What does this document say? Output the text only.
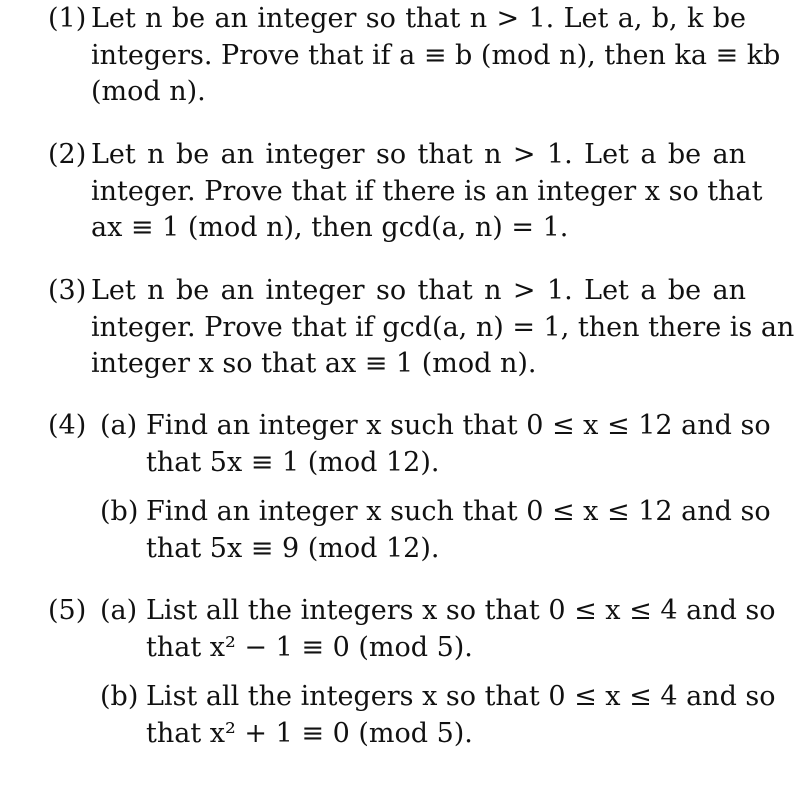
(1) Let n be an integer so that n > 1. Let a, b, k be
integers. Prove that if a ≡ b (mod n), then ka ≡ kb
(mod n).
(2) Let n be an integer so that n > 1. Let a be an
integer. Prove that if there is an integer x so that
ax ≡ 1 (mod n), then gcd(a, n) = 1.
(3) Let n be an integer so that n > 1. Let a be an
integer. Prove that if gcd(a, n) = 1, then there is an
integer x so that ax ≡ 1 (mod n).
(4) (a) Find an integer x such that 0 ≤ x ≤ 12 and so
that 5x ≡ 1 (mod 12).
(b) Find an integer x such that 0 ≤ x ≤ 12 and so
that 5x ≡ 9 (mod 12).
(5) (a) List all the integers x so that 0 ≤ x ≤ 4 and so
that x² − 1 ≡ 0 (mod 5).
(b) List all the integers x so that 0 ≤ x ≤ 4 and so
that x² + 1 ≡ 0 (mod 5).
